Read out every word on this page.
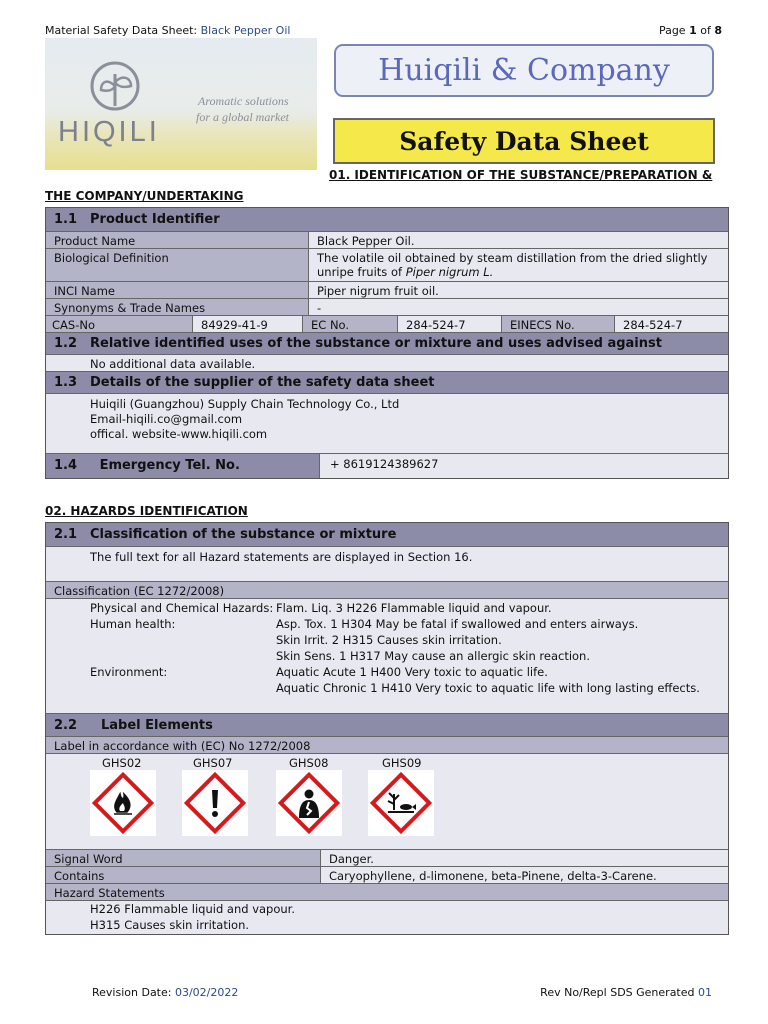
Material Safety Data Sheet: Black Pepper Oil	Page 1 of 8
HIQILI
Aromatic solutions
for a global market
Huiqili & Company
Safety Data Sheet
01. IDENTIFICATION OF THE SUBSTANCE/PREPARATION &
THE COMPANY/UNDERTAKING
1.1 Product Identifier
Product Name	Black Pepper Oil.
Biological Definition	The volatile oil obtained by steam distillation from the dried slightly
unripe fruits of Piper nigrum L.
INCI Name	Piper nigrum fruit oil.
Synonyms & Trade Names	-
CAS-No	84929-41-9	EC No.	284-524-7	EINECS No.	284-524-7
1.2 Relative identified uses of the substance or mixture and uses advised against
No additional data available.
1.3 Details of the supplier of the safety data sheet
Huiqili (Guangzhou) Supply Chain Technology Co., Ltd
Email-hiqili.co@gmail.com
offical. website-www.hiqili.com
1.4 Emergency Tel. No.	+ 8619124389627
02. HAZARDS IDENTIFICATION
2.1 Classification of the substance or mixture
The full text for all Hazard statements are displayed in Section 16.
Classification (EC 1272/2008)
Physical and Chemical Hazards: Flam. Liq. 3 H226 Flammable liquid and vapour.
Human health:	Asp. Tox. 1 H304 May be fatal if swallowed and enters airways.
Skin Irrit. 2 H315 Causes skin irritation.
Skin Sens. 1 H317 May cause an allergic skin reaction.
Environment:	Aquatic Acute 1 H400 Very toxic to aquatic life.
Aquatic Chronic 1 H410 Very toxic to aquatic life with long lasting effects.
2.2 Label Elements
Label in accordance with (EC) No 1272/2008
GHS02	GHS07	GHS08	GHS09
Signal Word	Danger.
Contains	Caryophyllene, d-limonene, beta-Pinene, delta-3-Carene.
Hazard Statements
H226 Flammable liquid and vapour.
H315 Causes skin irritation.
Revision Date: 03/02/2022	Rev No/Repl SDS Generated 01
